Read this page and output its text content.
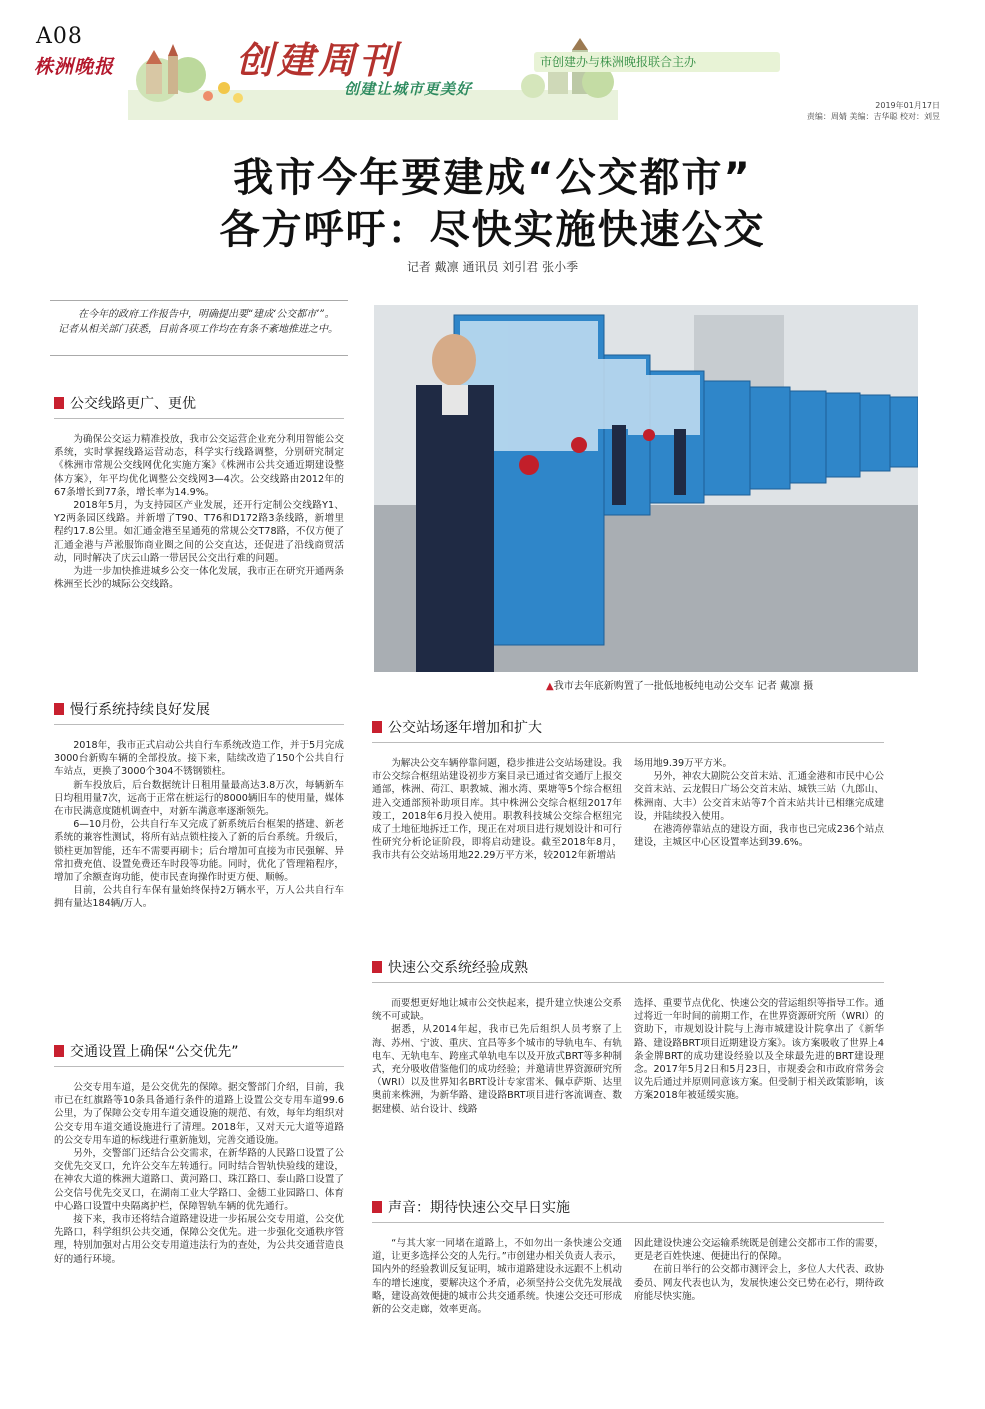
A08
株洲晚报	创建周刊
创建让城市更美好
市创建办与株洲晚报联合主办
2019年01月17日
责编：周婧 美编：吉华聪 校对：刘昱
我市今年要建成“公交都市”
各方呼吁：尽快实施快速公交
记者 戴凛 通讯员 刘引君 张小季
在今年的政府工作报告中，明确提出要“建成‘公交都市’”。记者从相关部门获悉，目前各项工作均在有条不紊地推进之中。
▲我市去年底新购置了一批低地板纯电动公交车 记者 戴凛 摄
公交线路更广、更优

为确保公交运力精准投放，我市公交运营企业充分利用智能公交系统，实时掌握线路运营动态，科学实行线路调整，分别研究制定《株洲市常规公交线网优化实施方案》《株洲市公共交通近期建设整体方案》，年平均优化调整公交线网3—4次。公交线路由2012年的67条增长到77条，增长率为14.9%。

2018年5月，为支持园区产业发展，还开行定制公交线路Y1、Y2两条园区线路。并新增了T90、T76和D172路3条线路，新增里程约17.8公里。如汇通金港至星通苑的常规公交T78路，不仅方便了汇通金港与芦淞服饰商业圈之间的公交直达，还促进了沿线商贸活动，同时解决了庆云山路一带居民公交出行难的问题。

为进一步加快推进城乡公交一体化发展，我市正在研究开通两条株洲至长沙的城际公交线路。

慢行系统持续良好发展

2018年，我市正式启动公共自行车系统改造工作，并于5月完成3000台新购车辆的全部投放。接下来，陆续改造了150个公共自行车站点，更换了3000个304不锈钢锁柱。

新车投放后，后台数据统计日租用量最高达3.8万次，每辆新车日均租用量7次，远高于正常在桩运行的8000辆旧车的使用量，媒体在市民满意度随机调查中，对新车满意率逐渐领先。

6—10月份，公共自行车又完成了新系统后台框架的搭建、新老系统的兼容性测试，将所有站点锁柱接入了新的后台系统。升级后，锁柱更加智能，还车不需要再刷卡；后台增加可直接为市民强解、异常扣费充值、设置免费还车时段等功能。同时，优化了管理箱程序，增加了余额查询功能，使市民查询操作时更方便、顺畅。

目前，公共自行车保有量始终保持2万辆水平，万人公共自行车拥有量达184辆/万人。

交通设置上确保“公交优先”

公交专用车道，是公交优先的保障。据交警部门介绍，目前，我市已在红旗路等10条具备通行条件的道路上设置公交专用车道99.6公里，为了保障公交专用车道交通设施的规范、有效，每年均组织对公交专用车道交通设施进行了清理。2018年，又对天元大道等道路的公交专用车道的标线进行重新施划，完善交通设施。

另外，交警部门还结合公交需求，在新华路的人民路口设置了公交优先交叉口，允许公交车左转通行。同时结合智轨快验线的建设，在神农大道的株洲大道路口、黄河路口、珠江路口、泰山路口设置了公交信号优先交叉口，在湖南工业大学路口、金德工业园路口、体育中心路口设置中央隔离护栏，保障智轨车辆的优先通行。

接下来，我市还将结合道路建设进一步拓展公交专用道，公交优先路口，科学组织公共交通，保障公交优先。进一步强化交通秩序管理，特别加强对占用公交专用道违法行为的查处，为公共交通营造良好的通行环境。

公交站场逐年增加和扩大

为解决公交车辆停靠问题，稳步推进公交站场建设。我市公交综合枢纽站建设初步方案目录已通过省交通厅上报交通部，株洲、荷江、职教城、湘水湾、栗塘等5个综合枢纽进入交通部预补助项目库。其中株洲公交综合枢纽2017年竣工，2018年6月投入使用。职教科技城公交综合枢纽完成了土地征地拆迁工作，现正在对项目进行规划设计和可行性研究分析论证阶段，即将启动建设。截至2018年8月，我市共有公交站场用地22.29万平方米，较2012年新增站

场用地9.39万平方米。

另外，神农大剧院公交首末站、汇通金港和市民中心公交首末站、云龙假日广场公交首末站、城铁三站（九郎山、株洲南、大丰）公交首末站等7个首末站共计已相继完成建设，并陆续投入使用。

在港湾停靠站点的建设方面，我市也已完成236个站点建设，主城区中心区设置率达到39.6%。

快速公交系统经验成熟

而要想更好地让城市公交快起来，提升建立快速公交系统不可或缺。

据悉，从2014年起，我市已先后组织人员考察了上海、苏州、宁波、重庆、宜昌等多个城市的导轨电车、有轨电车、无轨电车、跨座式单轨电车以及开放式BRT等多种制式，充分吸收借鉴他们的成功经验；并邀请世界资源研究所（WRI）以及世界知名BRT设计专家雷米、佩卓萨斯、达里奥前来株洲，为新华路、建设路BRT项目进行客流调查、数据建模、站台设计、线路

选择、重要节点优化、快速公交的营运组织等指导工作。通过将近一年时间的前期工作，在世界资源研究所（WRI）的资助下，市规划设计院与上海市城建设计院拿出了《新华路、建设路BRT项目近期建设方案》。该方案吸收了世界上4条金牌BRT的成功建设经验以及全球最先进的BRT建设理念。2017年5月2日和5月23日，市规委会和市政府常务会议先后通过并原则同意该方案。但受制于相关政策影响，该方案2018年被延缓实施。

声音：期待快速公交早日实施

“与其大家一同堵在道路上，不如勿出一条快速公交通道，让更多选择公交的人先行。”市创建办相关负责人表示，国内外的经验教训反复证明，城市道路建设永远跟不上机动车的增长速度，要解决这个矛盾，必须坚持公交优先发展战略，建设高效便捷的城市公共交通系统。快速公交还可形成新的公交走廊，效率更高。

因此建设快速公交运输系统既是创建公交都市工作的需要，更是老百姓快速、便捷出行的保障。

在前日举行的公交都市测评会上，多位人大代表、政协委员、网友代表也认为，发展快速公交已势在必行，期待政府能尽快实施。
